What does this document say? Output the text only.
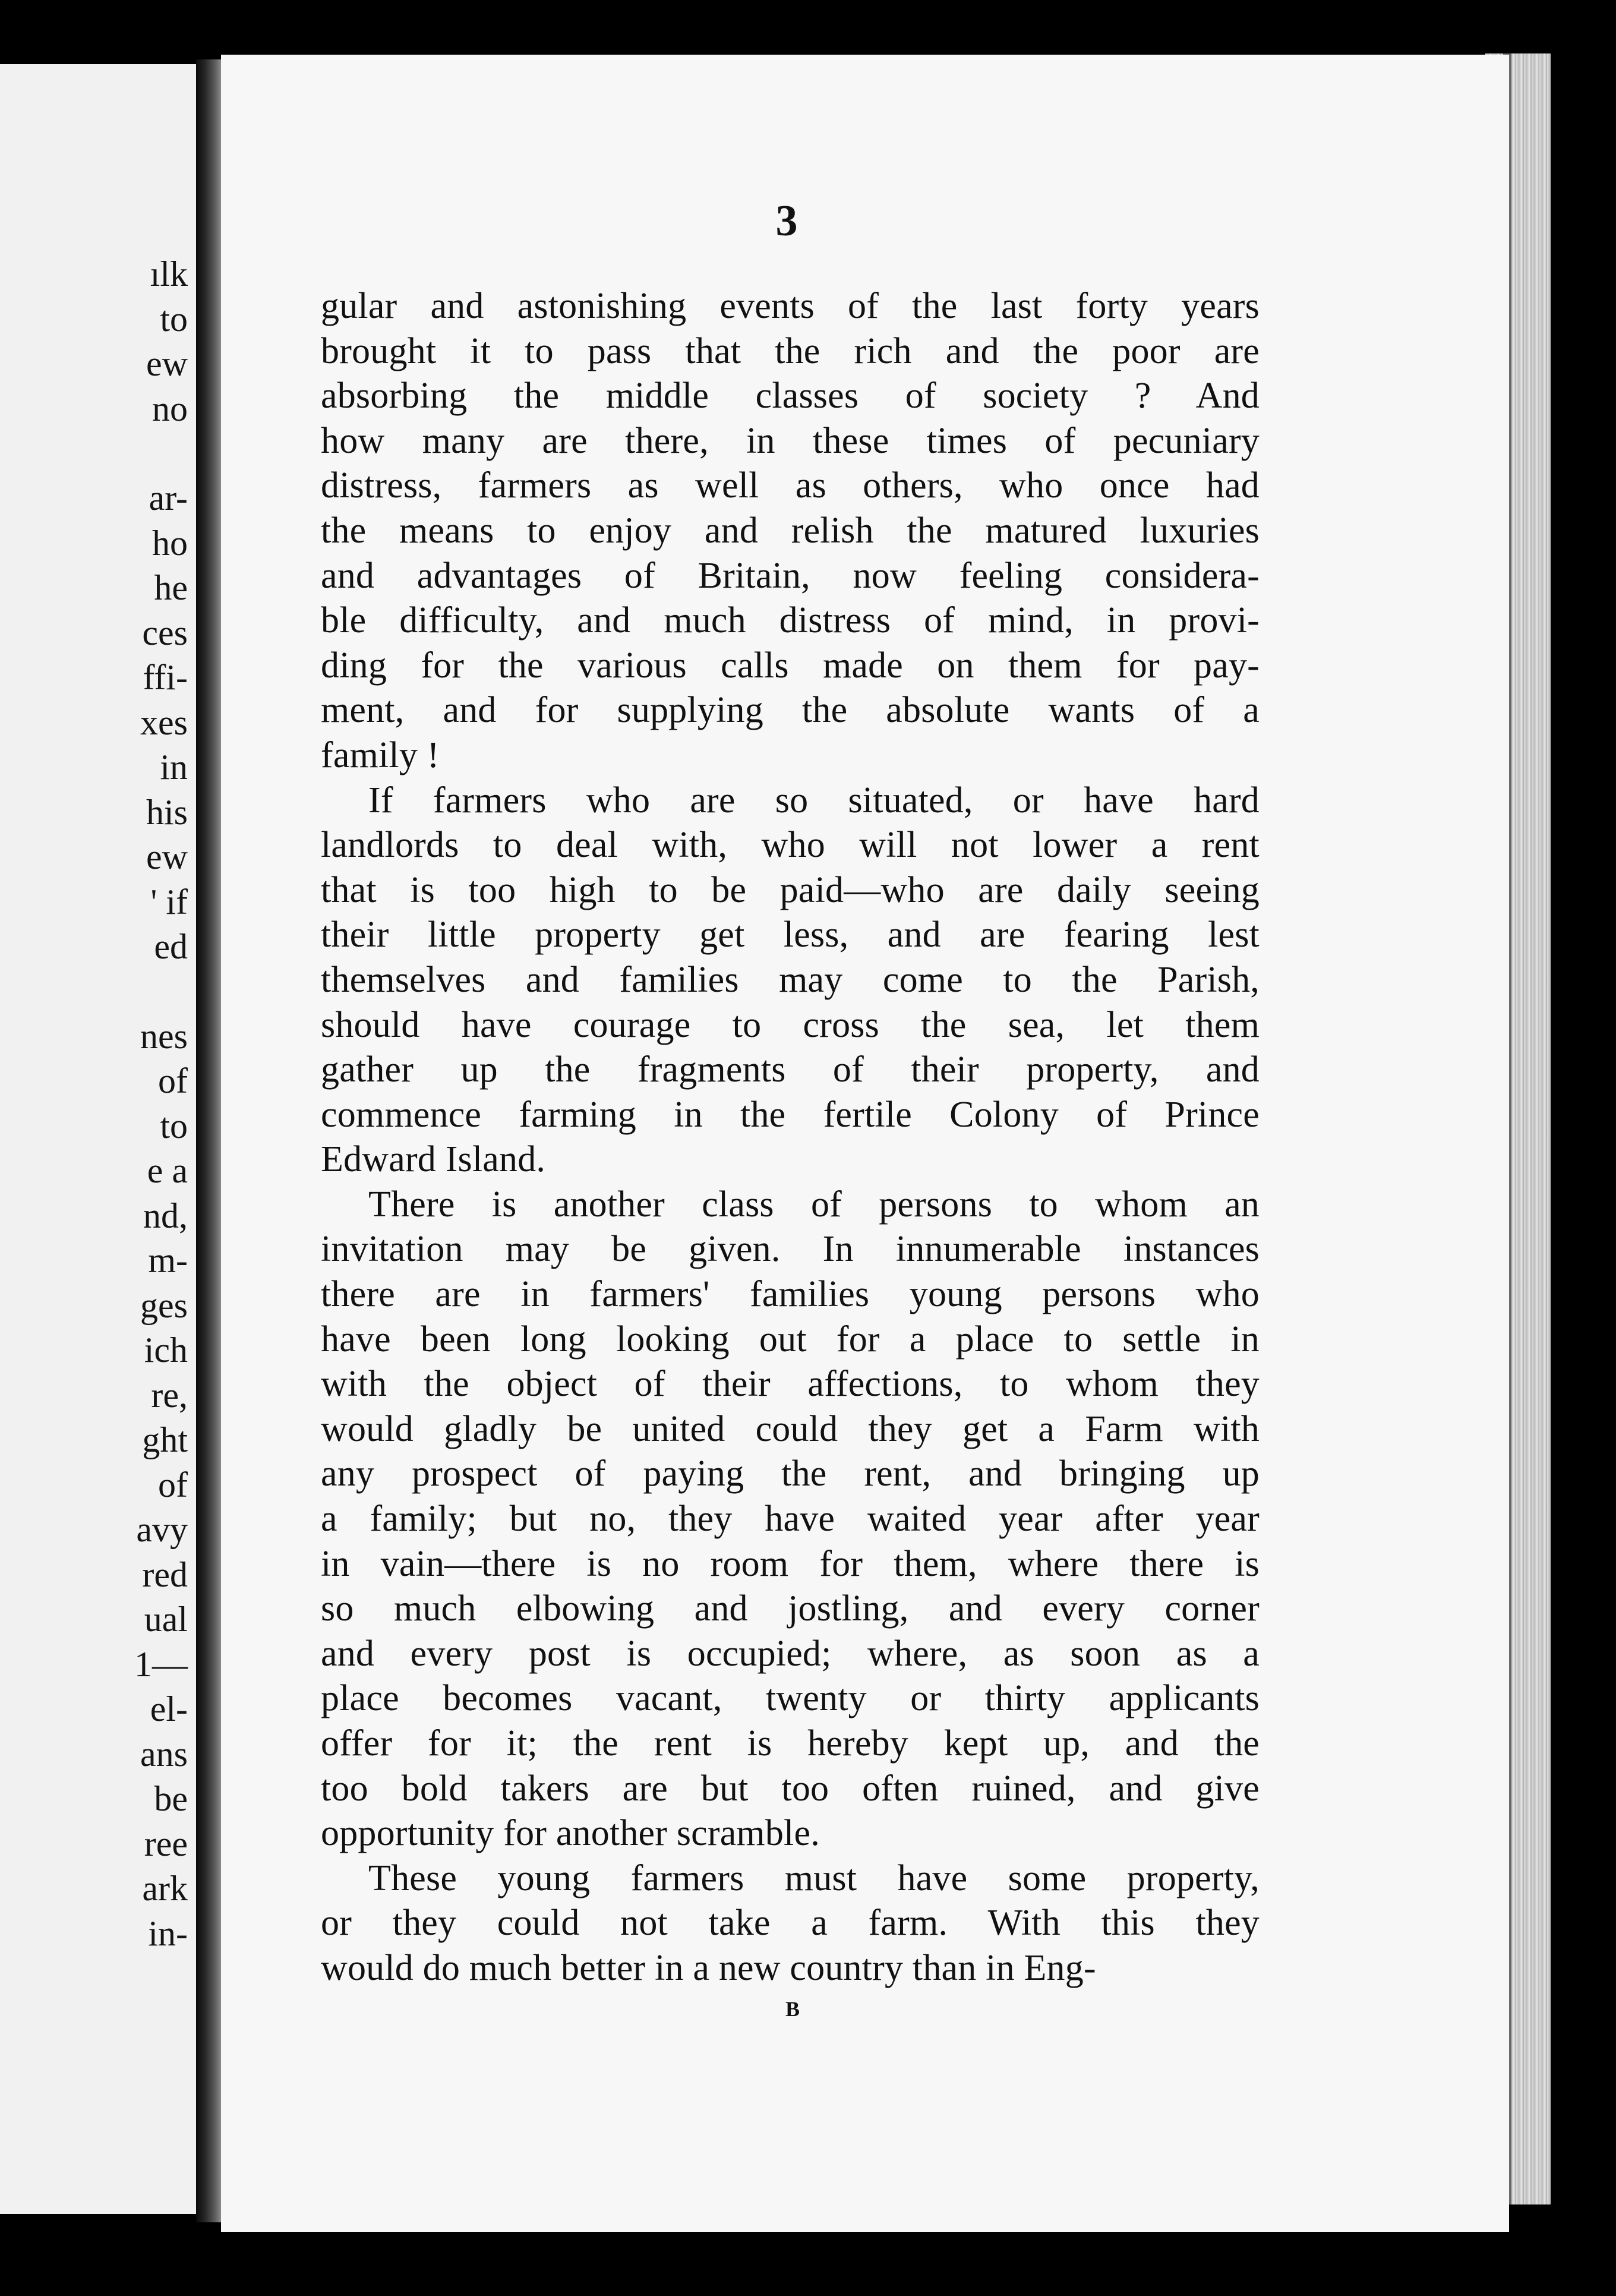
ılk
to
ew
no
ar-
ho
he
ces
ffi-
xes
in
his
ew
' if
ed
nes
of
to
e a
nd,
m-
ges
ich
re,
ght
of
avy
red
ual
1—
el-
ans
be
ree
ark
in-
3
gular and astonishing events of the last forty years
brought it to pass that the rich and the poor are
absorbing the middle classes of society ? And
how many are there, in these times of pecuniary
distress, farmers as well as others, who once had
the means to enjoy and relish the matured luxuries
and advantages of Britain, now feeling considera-
ble difficulty, and much distress of mind, in provi-
ding for the various calls made on them for pay-
ment, and for supplying the absolute wants of a
family !
If farmers who are so situated, or have hard
landlords to deal with, who will not lower a rent
that is too high to be paid—who are daily seeing
their little property get less, and are fearing lest
themselves and families may come to the Parish,
should have courage to cross the sea, let them
gather up the fragments of their property, and
commence farming in the fertile Colony of Prince
Edward Island.
There is another class of persons to whom an
invitation may be given. In innumerable instances
there are in farmers' families young persons who
have been long looking out for a place to settle in
with the object of their affections, to whom they
would gladly be united could they get a Farm with
any prospect of paying the rent, and bringing up
a family; but no, they have waited year after year
in vain—there is no room for them, where there is
so much elbowing and jostling, and every corner
and every post is occupied; where, as soon as a
place becomes vacant, twenty or thirty applicants
offer for it; the rent is hereby kept up, and the
too bold takers are but too often ruined, and give
opportunity for another scramble.
These young farmers must have some property,
or they could not take a farm. With this they
would do much better in a new country than in Eng-
B
